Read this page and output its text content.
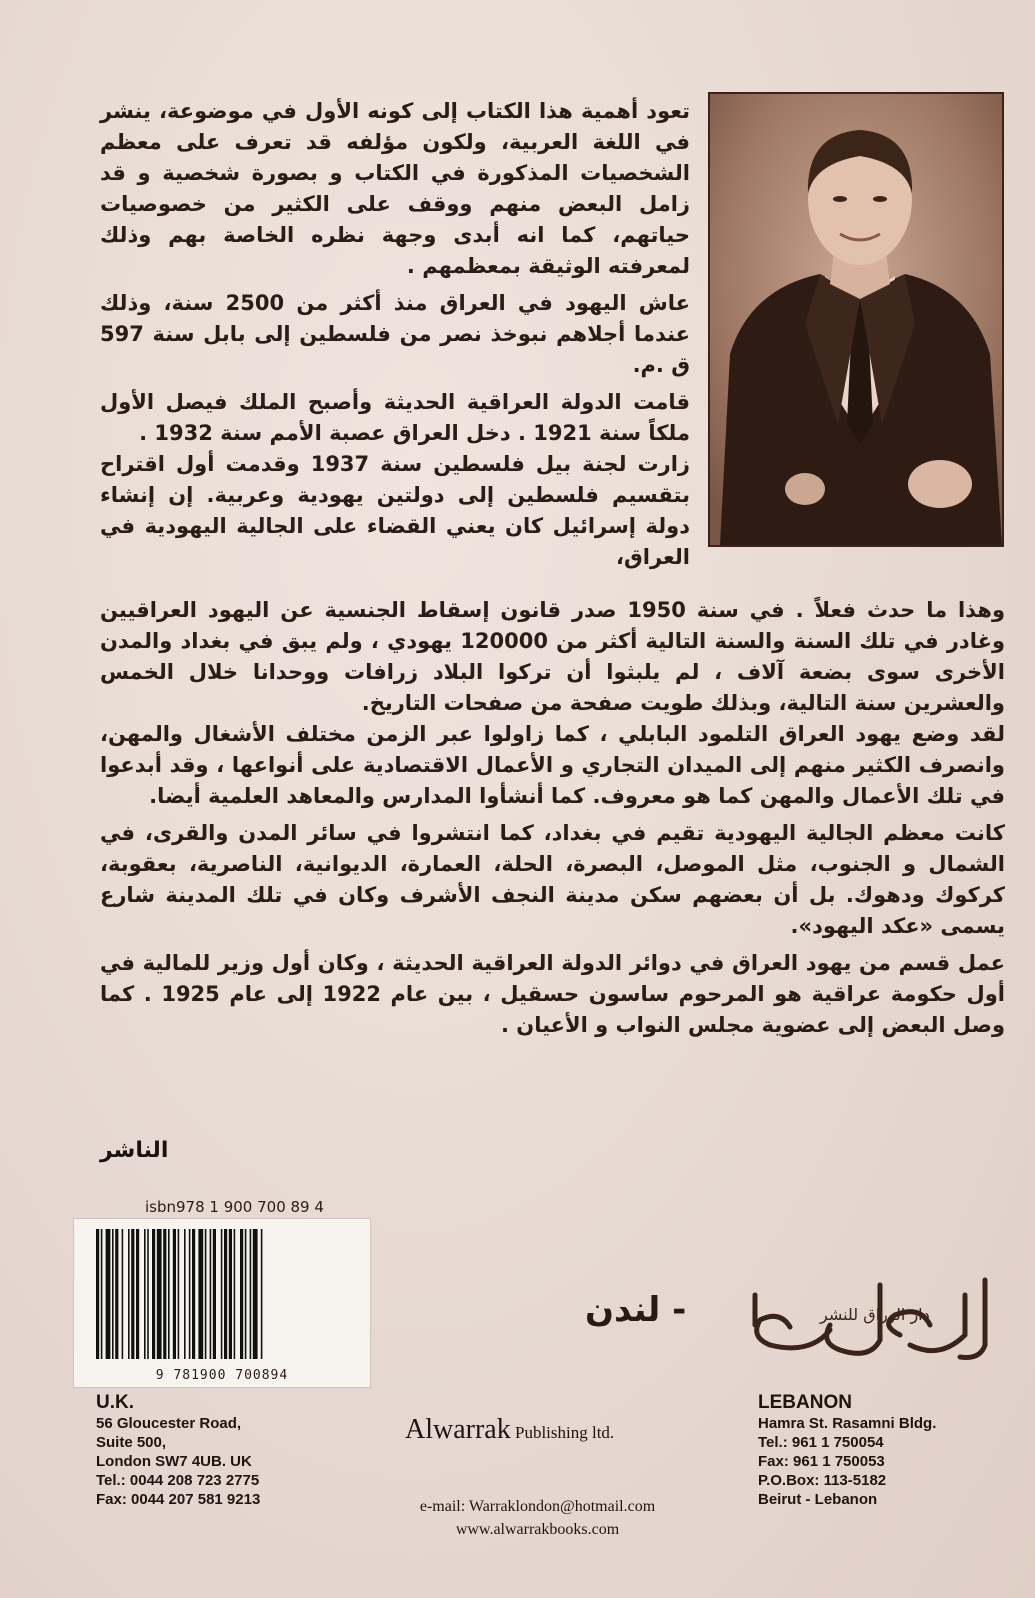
تعود أهمية هذا الكتاب إلى كونه الأول في موضوعة، ينشر في اللغة العربية، ولكون مؤلفه قد تعرف على معظم الشخصيات المذكورة في الكتاب و بصورة شخصية و قد زامل البعض منهم ووقف على الكثير من خصوصيات حياتهم، كما انه أبدى وجهة نظره الخاصة بهم وذلك لمعرفته الوثيقة بمعظمهم .

عاش اليهود في العراق منذ أكثر من 2500 سنة، وذلك عندما أجلاهم نبوخذ نصر من فلسطين إلى بابل سنة 597 ق .م.

قامت الدولة العراقية الحديثة وأصبح الملك فيصل الأول ملكاً سنة 1921 . دخل العراق عصبة الأمم سنة 1932 .

زارت لجنة بيل فلسطين سنة 1937 وقدمت أول اقتراح بتقسيم فلسطين إلى دولتين يهودية وعربية. إن إنشاء دولة إسرائيل كان يعني القضاء على الجالية اليهودية في العراق،

وهذا ما حدث فعلاً . في سنة 1950 صدر قانون إسقاط الجنسية عن اليهود العراقيين وغادر في تلك السنة والسنة التالية أكثر من 120000 يهودي ، ولم يبق في بغداد والمدن الأخرى سوى بضعة آلاف ، لم يلبثوا أن تركوا البلاد زرافات ووحدانا خلال الخمس والعشرين سنة التالية، وبذلك طويت صفحة من صفحات التاريخ.

لقد وضع يهود العراق التلمود البابلي ، كما زاولوا عبر الزمن مختلف الأشغال والمهن، وانصرف الكثير منهم إلى الميدان التجاري و الأعمال الاقتصادية على أنواعها ، وقد أبدعوا في تلك الأعمال والمهن كما هو معروف. كما أنشأوا المدارس والمعاهد العلمية أيضا.

كانت معظم الجالية اليهودية تقيم في بغداد، كما انتشروا في سائر المدن والقرى، في الشمال و الجنوب، مثل الموصل، البصرة، الحلة، العمارة، الديوانية، الناصرية، بعقوبة، كركوك ودهوك. بل أن بعضهم سكن مدينة النجف الأشرف وكان في تلك المدينة شارع يسمى «عكد اليهود».

عمل قسم من يهود العراق في دوائر الدولة العراقية الحديثة ، وكان أول وزير للمالية في أول حكومة عراقية هو المرحوم ساسون حسقيل ، بين عام 1922 إلى عام 1925 . كما وصل البعض إلى عضوية مجلس النواب و الأعيان .

الناشر
isbn978 1 900 700 89 4
9 781900 700894
دار الوراق للنشر
- لندن
U.K.
56 Gloucester Road,
Suite 500,
London SW7 4UB. UK
Tel.: 0044 208 723 2775
Fax: 0044 207 581 9213
LEBANON
Hamra St. Rasamni Bldg.
Tel.: 961 1 750054
Fax: 961 1 750053
P.O.Box: 113-5182
Beirut - Lebanon
Alwarrak Publishing ltd.
e-mail: Warraklondon@hotmail.com
www.alwarrakbooks.com
